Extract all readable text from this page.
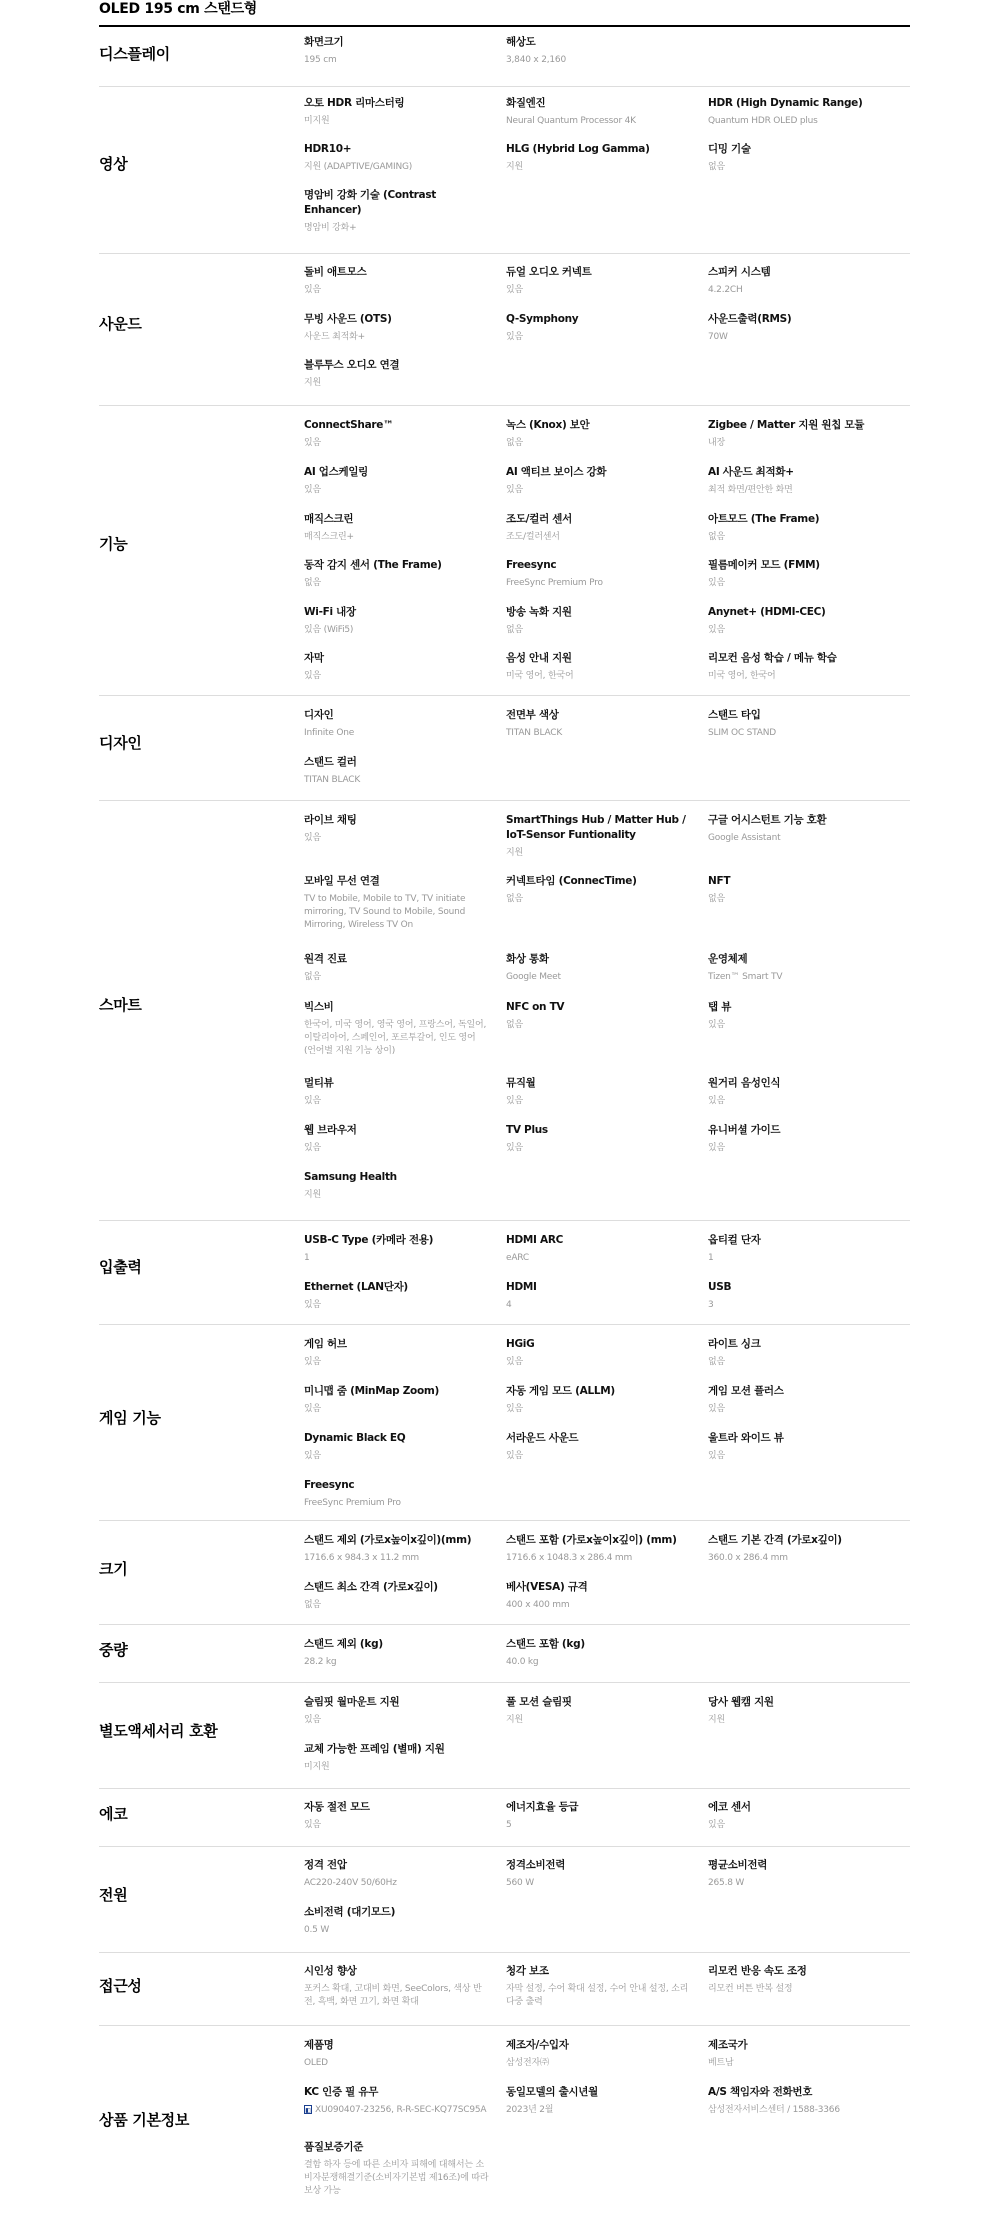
OLED 195 cm 스탠드형
디스플레이
화면크기
195 cm
해상도
3,840 x 2,160
영상
오토 HDR 리마스터링
미지원
화질엔진
Neural Quantum Processor 4K
HDR (High Dynamic Range)
Quantum HDR OLED plus
HDR10+
지원 (ADAPTIVE/GAMING)
HLG (Hybrid Log Gamma)
지원
디밍 기술
없음
명암비 강화 기술 (Contrast Enhancer)
명암비 강화+
사운드
돌비 애트모스
있음
듀얼 오디오 커넥트
있음
스피커 시스템
4.2.2CH
무빙 사운드 (OTS)
사운드 최적화+
Q-Symphony
있음
사운드출력(RMS)
70W
블루투스 오디오 연결
지원
기능
ConnectShare™
있음
녹스 (Knox) 보안
없음
Zigbee / Matter 지원 원칩 모듈
내장
AI 업스케일링
있음
AI 액티브 보이스 강화
있음
AI 사운드 최적화+
최적 화면/편안한 화면
매직스크린
매직스크린+
조도/컬러 센서
조도/컬러센서
아트모드 (The Frame)
없음
동작 감지 센서 (The Frame)
없음
Freesync
FreeSync Premium Pro
필름메이커 모드 (FMM)
있음
Wi-Fi 내장
있음 (WiFi5)
방송 녹화 지원
없음
Anynet+ (HDMI-CEC)
있음
자막
있음
음성 안내 지원
미국 영어, 한국어
리모컨 음성 학습 / 메뉴 학습
미국 영어, 한국어
디자인
디자인
Infinite One
전면부 색상
TITAN BLACK
스탠드 타입
SLIM OC STAND
스탠드 컬러
TITAN BLACK
스마트
라이브 채팅
있음
SmartThings Hub / Matter Hub / IoT-Sensor Funtionality
지원
구글 어시스턴트 기능 호환
Google Assistant
모바일 무선 연결
TV to Mobile, Mobile to TV, TV initiate mirroring, TV Sound to Mobile, Sound Mirroring, Wireless TV On
커넥트타임 (ConnecTime)
없음
NFT
없음
원격 진료
없음
화상 통화
Google Meet
운영체제
Tizen™ Smart TV
빅스비
한국어, 미국 영어, 영국 영어, 프랑스어, 독일어, 이탈리아어, 스페인어, 포르투갈어, 인도 영어 (언어별 지원 기능 상이)
NFC on TV
없음
탭 뷰
있음
멀티뷰
있음
뮤직월
있음
원거리 음성인식
있음
웹 브라우저
있음
TV Plus
있음
유니버셜 가이드
있음
Samsung Health
지원
입출력
USB-C Type (카메라 전용)
1
HDMI ARC
eARC
옵티컬 단자
1
Ethernet (LAN단자)
있음
HDMI
4
USB
3
게임 기능
게임 허브
있음
HGiG
있음
라이트 싱크
없음
미니맵 줌 (MinMap Zoom)
있음
자동 게임 모드 (ALLM)
있음
게임 모션 플러스
있음
Dynamic Black EQ
있음
서라운드 사운드
있음
울트라 와이드 뷰
있음
Freesync
FreeSync Premium Pro
크기
스탠드 제외 (가로x높이x깊이)(mm)
1716.6 x 984.3 x 11.2 mm
스탠드 포함 (가로x높이x깊이) (mm)
1716.6 x 1048.3 x 286.4 mm
스탠드 기본 간격 (가로x깊이)
360.0 x 286.4 mm
스탠드 최소 간격 (가로x깊이)
없음
베사(VESA) 규격
400 x 400 mm
중량	스탠드 제외 (kg)
28.2 kg
스탠드 포함 (kg)
40.0 kg
별도액세서리 호환
슬림핏 월마운트 지원
있음
풀 모션 슬림핏
지원
당사 웹캠 지원
지원
교체 가능한 프레임 (별매) 지원
미지원
에코	자동 절전 모드
있음
에너지효율 등급
5
에코 센서
있음
전원
정격 전압
AC220-240V 50/60Hz
정격소비전력
560 W
평균소비전력
265.8 W
소비전력 (대기모드)
0.5 W
접근성
시인성 향상
포커스 확대, 고대비 화면, SeeColors, 색상 반전, 흑백, 화면 끄기, 화면 확대
청각 보조
자막 설정, 수어 확대 설정, 수어 안내 설정, 소리 다중 출력
리모컨 반응 속도 조정
리모컨 버튼 반복 설정
상품 기본정보
제품명
OLED
제조자/수입자
삼성전자㈜
제조국가
베트남
KC 인증 필 유무
◧ XU090407-23256, R-R-SEC-KQ77SC95A
동일모델의 출시년월
2023년 2월
A/S 책임자와 전화번호
삼성전자서비스센터 / 1588-3366
품질보증기준
결함 하자 등에 따른 소비자 피해에 대해서는 소비자분쟁해결기준(소비자기본법 제16조)에 따라 보상 가능
